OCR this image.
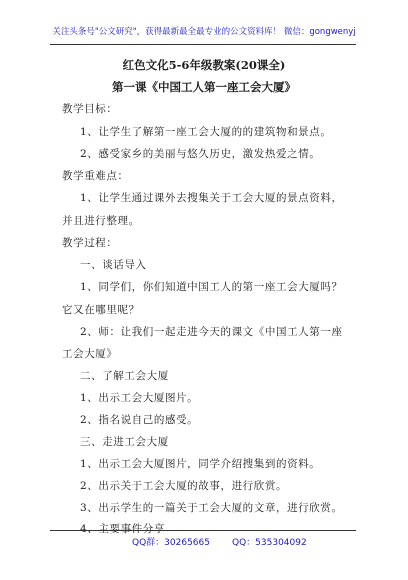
关注头条号"公文研究"，获得最新最全最专业的公文资料库！ 微信：gongwenyj
红色文化5-6年级教案(20课全)
第一课《中国工人第一座工会大厦》
教学目标：
1、让学生了解第一座工会大厦的的建筑物和景点。
2、感受家乡的美丽与悠久历史，激发热爱之情。
教学重难点：
1、让学生通过课外去搜集关于工会大厦的景点资料，
并且进行整理。
教学过程：
一、谈话导入
1、同学们，你们知道中国工人的第一座工会大厦吗？
它又在哪里呢？
2、师：让我们一起走进今天的课文《中国工人第一座
工会大厦》
二、了解工会大厦
1、出示工会大厦图片。
2、指名说自己的感受。
三、走进工会大厦
1、出示工会大厦图片，同学介绍搜集到的资料。
2、出示关于工会大厦的故事，进行欣赏。
3、出示学生的一篇关于工会大厦的文章，进行欣赏。
4、主要事件分享
QQ群：30265665 QQ：535304092
